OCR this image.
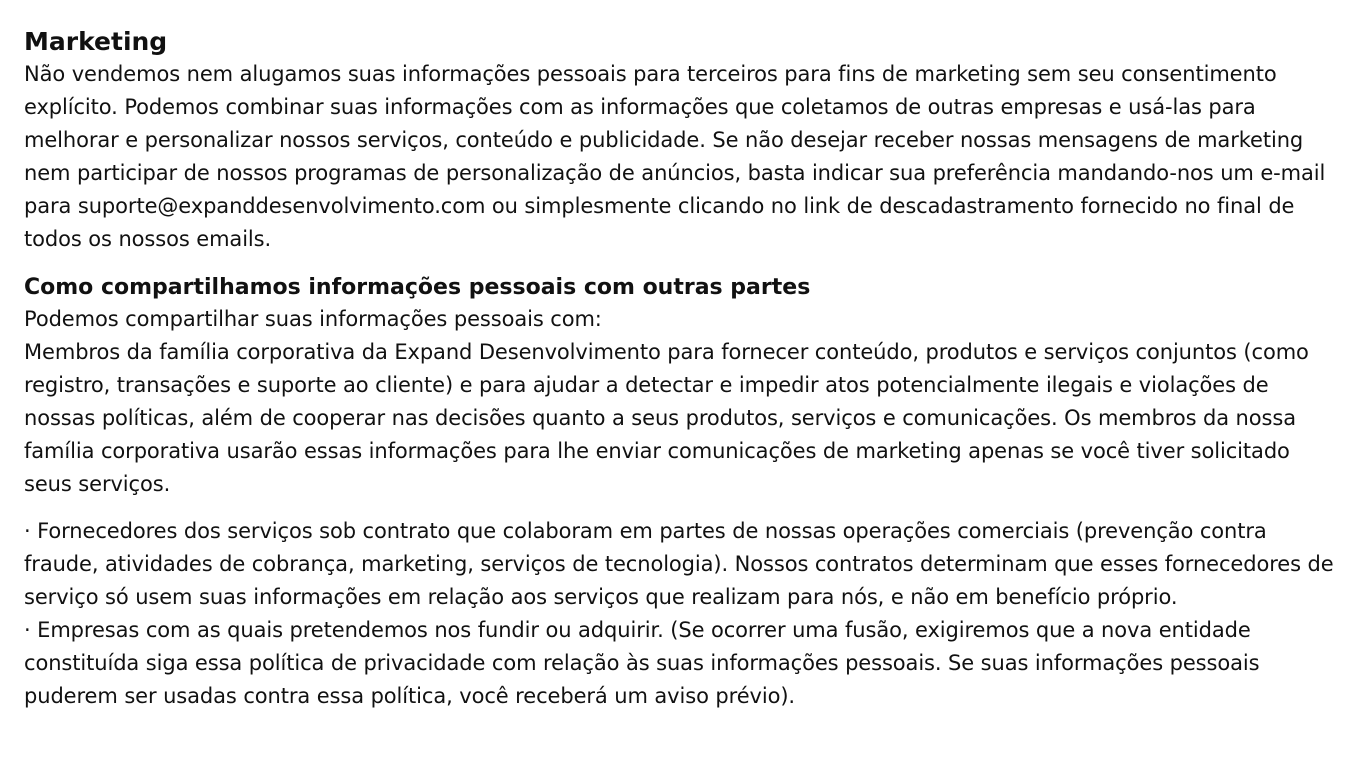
Marketing

Não vendemos nem alugamos suas informações pessoais para terceiros para fins de marketing sem seu consentimento explícito. Podemos combinar suas informações com as informações que coletamos de outras empresas e usá-las para melhorar e personalizar nossos serviços, conteúdo e publicidade. Se não desejar receber nossas mensagens de marketing nem participar de nossos programas de personalização de anúncios, basta indicar sua preferência mandando-nos um e-mail para suporte@expanddesenvolvimento.com ou simplesmente clicando no link de descadastramento fornecido no final de todos os nossos emails.

Como compartilhamos informações pessoais com outras partes

Podemos compartilhar suas informações pessoais com:

Membros da família corporativa da Expand Desenvolvimento para fornecer conteúdo, produtos e serviços conjuntos (como registro, transações e suporte ao cliente) e para ajudar a detectar e impedir atos potencialmente ilegais e violações de nossas políticas, além de cooperar nas decisões quanto a seus produtos, serviços e comunicações. Os membros da nossa família corporativa usarão essas informações para lhe enviar comunicações de marketing apenas se você tiver solicitado seus serviços.

· Fornecedores dos serviços sob contrato que colaboram em partes de nossas operações comerciais (prevenção contra fraude, atividades de cobrança, marketing, serviços de tecnologia). Nossos contratos determinam que esses fornecedores de serviço só usem suas informações em relação aos serviços que realizam para nós, e não em benefício próprio.

· Empresas com as quais pretendemos nos fundir ou adquirir. (Se ocorrer uma fusão, exigiremos que a nova entidade constituída siga essa política de privacidade com relação às suas informações pessoais. Se suas informações pessoais puderem ser usadas contra essa política, você receberá um aviso prévio).
